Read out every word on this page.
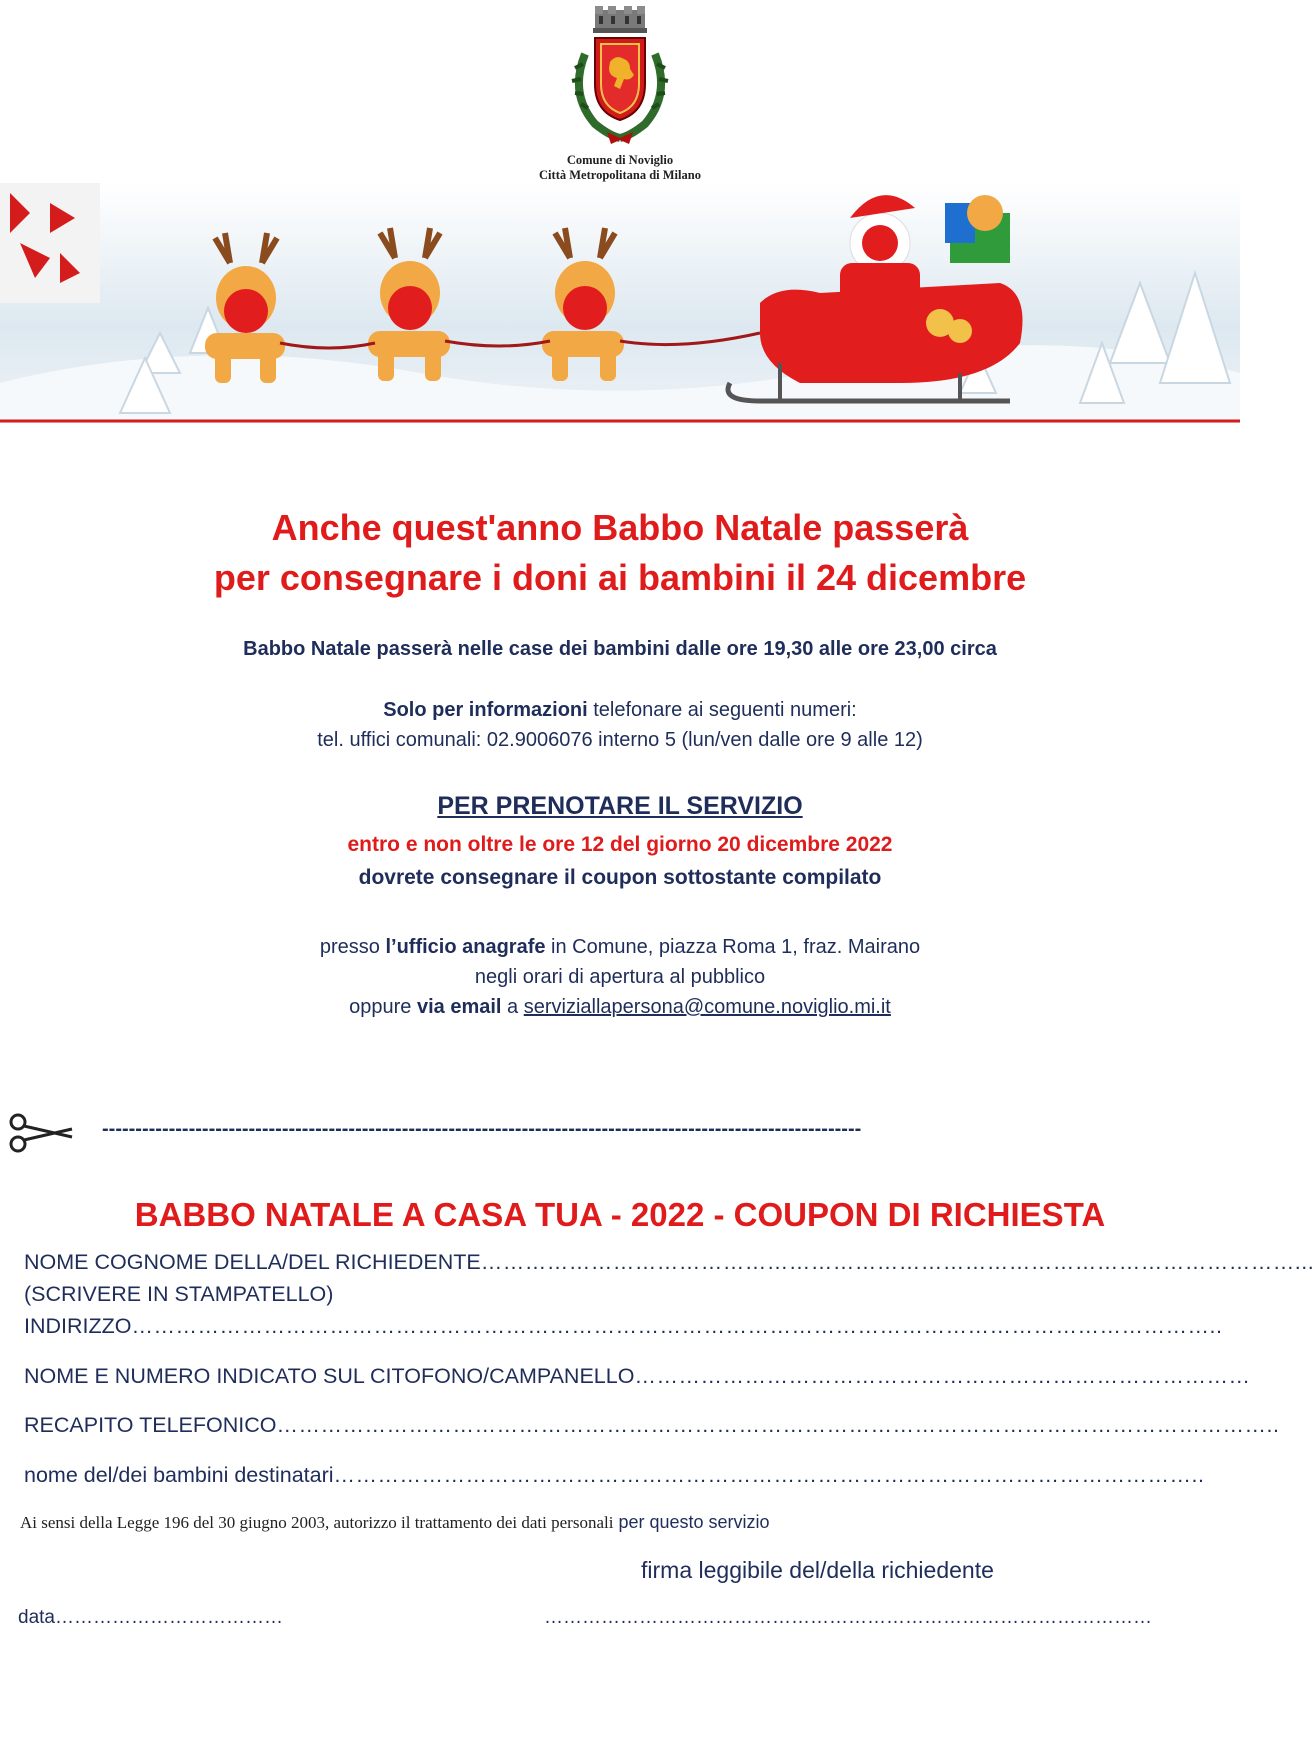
Comune di Noviglio
Città Metropolitana di Milano
Anche quest'anno Babbo Natale passerà
per consegnare i doni ai bambini il 24 dicembre
Babbo Natale passerà nelle case dei bambini dalle ore 19,30 alle ore 23,00 circa
Solo per informazioni telefonare ai seguenti numeri:
tel. uffici comunali: 02.9006076 interno 5 (lun/ven dalle ore 9 alle 12)
PER PRENOTARE IL SERVIZIO
entro e non oltre le ore 12 del giorno 20 dicembre 2022
dovrete consegnare il coupon sottostante compilato
presso l’ufficio anagrafe in Comune, piazza Roma 1, fraz. Mairano
negli orari di apertura al pubblico
oppure via email a serviziallapersona@comune.noviglio.mi.it
------------------------------------------------------------------------------------------------------------------
BABBO NATALE A CASA TUA - 2022 - COUPON DI RICHIESTA
NOME COGNOME DELLA/DEL RICHIEDENTE…………………………………………………………………………………………………...
(SCRIVERE IN STAMPATELLO)
INDIRIZZO…………………………………………………………………………………………………………………………………..
NOME E NUMERO INDICATO SUL CITOFONO/CAMPANELLO…………………………………………………………………………
RECAPITO TELEFONICO………………………………………………………………………………………………………………………..
nome del/dei bambini destinatari………………………………………………………………………………………………………..
Ai sensi della Legge 196 del 30 giugno 2003, autorizzo il trattamento dei dati personali per questo servizio
firma leggibile del/della richiedente
data………………………………	……………………………………………………………………………………
